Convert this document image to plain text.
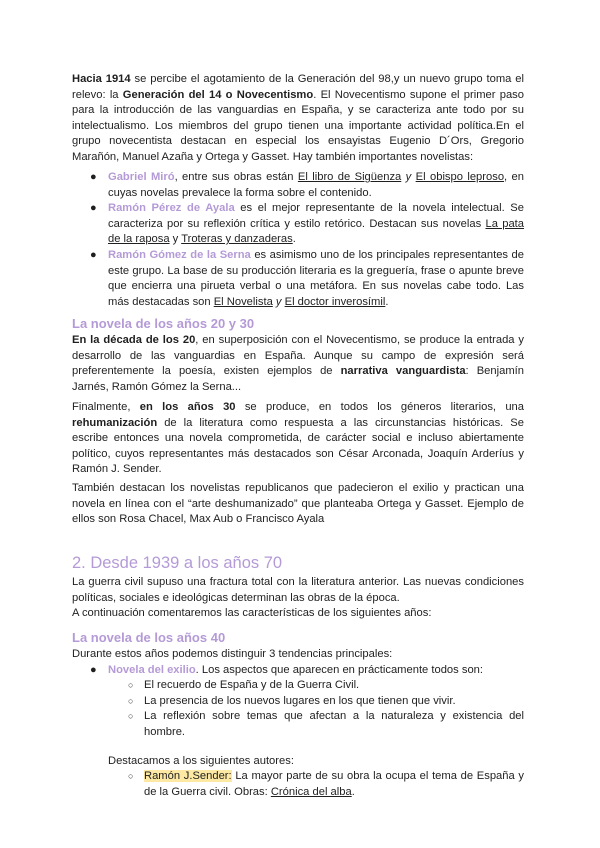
Hacia 1914 se percibe el agotamiento de la Generación del 98,y un nuevo grupo toma el relevo: la Generación del 14 o Novecentismo. El Novecentismo supone el primer paso para la introducción de las vanguardias en España, y se caracteriza ante todo por su intelectualismo. Los miembros del grupo tienen una importante actividad política.En el grupo novecentista destacan en especial los ensayistas Eugenio D´Ors, Gregorio Marañón, Manuel Azaña y Ortega y Gasset. Hay también importantes novelistas:

● Gabriel Miró, entre sus obras están El libro de Sigüenza y El obispo leproso, en cuyas novelas prevalece la forma sobre el contenido.
● Ramón Pérez de Ayala es el mejor representante de la novela intelectual. Se caracteriza por su reflexión crítica y estilo retórico. Destacan sus novelas La pata de la raposa y Troteras y danzaderas.
● Ramón Gómez de la Serna es asimismo uno de los principales representantes de este grupo. La base de su producción literaria es la greguería, frase o apunte breve que encierra una pirueta verbal o una metáfora. En sus novelas cabe todo. Las más destacadas son El Novelista y El doctor inverosímil.
La novela de los años 20 y 30

En la década de los 20, en superposición con el Novecentismo, se produce la entrada y desarrollo de las vanguardias en España. Aunque su campo de expresión será preferentemente la poesía, existen ejemplos de narrativa vanguardista: Benjamín Jarnés, Ramón Gómez la Serna...

Finalmente, en los años 30 se produce, en todos los géneros literarios, una rehumanización de la literatura como respuesta a las circunstancias históricas. Se escribe entonces una novela comprometida, de carácter social e incluso abiertamente político, cuyos representantes más destacados son César Arconada, Joaquín Arderíus y Ramón J. Sender.

También destacan los novelistas republicanos que padecieron el exilio y practican una novela en línea con el “arte deshumanizado” que planteaba Ortega y Gasset. Ejemplo de ellos son Rosa Chacel, Max Aub o Francisco Ayala

2. Desde 1939 a los años 70

La guerra civil supuso una fractura total con la literatura anterior. Las nuevas condiciones políticas, sociales e ideológicas determinan las obras de la época.

A continuación comentaremos las características de los siguientes años:

La novela de los años 40

Durante estos años podemos distinguir 3 tendencias principales:

● Novela del exilio. Los aspectos que aparecen en prácticamente todos son:
○ El recuerdo de España y de la Guerra Civil.
○ La presencia de los nuevos lugares en los que tienen que vivir.
○ La reflexión sobre temas que afectan a la naturaleza y existencia del hombre.

Destacamos a los siguientes autores:

○ Ramón J.Sender: La mayor parte de su obra la ocupa el tema de España y de la Guerra civil. Obras: Crónica del alba.
